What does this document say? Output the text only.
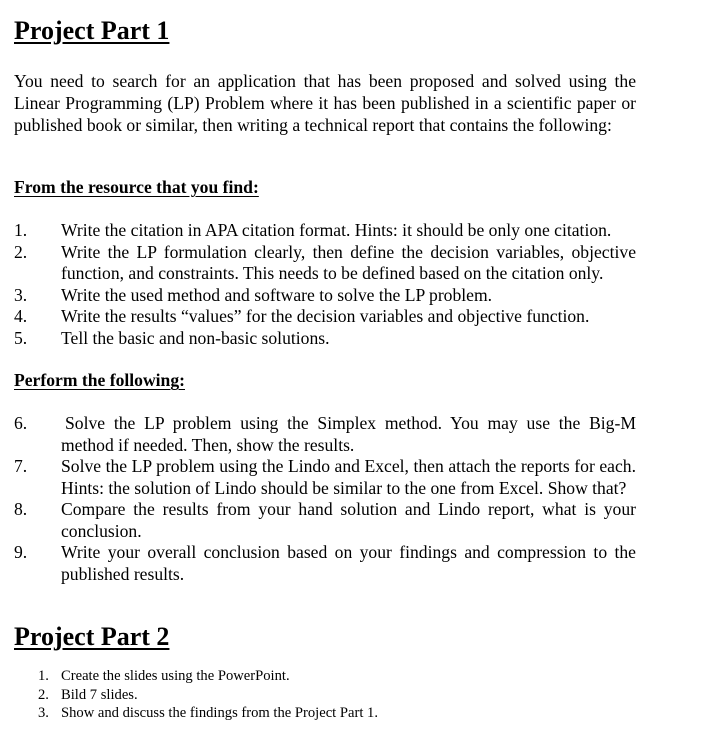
Project Part 1
You need to search for an application that has been proposed and solved using the Linear Programming (LP) Problem where it has been published in a scientific paper or published book or similar, then writing a technical report that contains the following:
From the resource that you find:
1. Write the citation in APA citation format. Hints: it should be only one citation.
2. Write the LP formulation clearly, then define the decision variables, objective function, and constraints. This needs to be defined based on the citation only.
3. Write the used method and software to solve the LP problem.
4. Write the results “values” for the decision variables and objective function.
5. Tell the basic and non-basic solutions.
Perform the following:
6. Solve the LP problem using the Simplex method. You may use the Big-M method if needed. Then, show the results.
7. Solve the LP problem using the Lindo and Excel, then attach the reports for each. Hints: the solution of Lindo should be similar to the one from Excel. Show that?
8. Compare the results from your hand solution and Lindo report, what is your conclusion.
9. Write your overall conclusion based on your findings and compression to the published results.
Project Part 2
1. Create the slides using the PowerPoint.
2. Bild 7 slides.
3. Show and discuss the findings from the Project Part 1.
